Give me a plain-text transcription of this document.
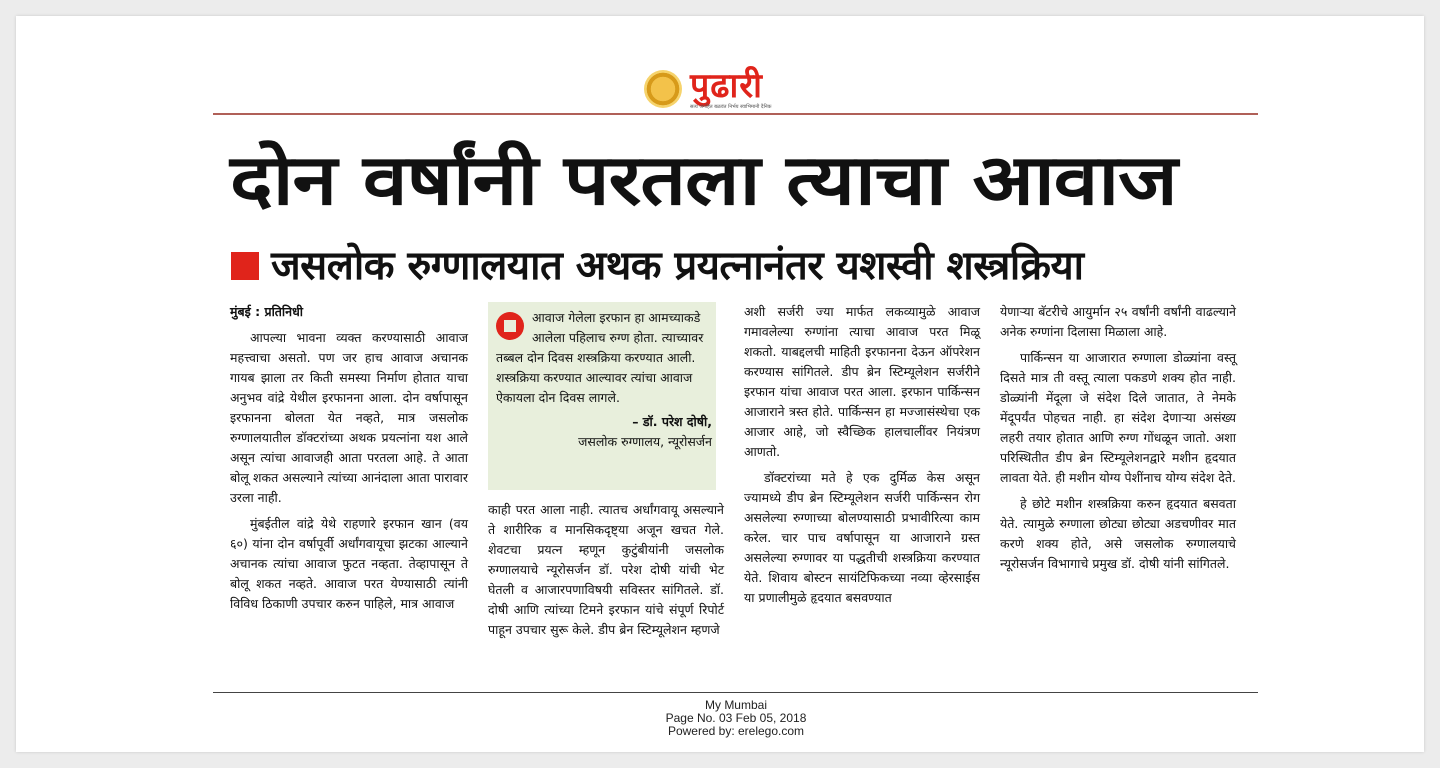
पुढारी
सत्य जनहित बळवंत निर्भय स्वाभिमानी दैनिक
दोन वर्षांनी परतला त्याचा आवाज
जसलोक रुग्णालयात अथक प्रयत्नानंतर यशस्वी शस्त्रक्रिया

मुंबई : प्रतिनिधी

आपल्या भावना व्यक्त करण्यासाठी आवाज महत्त्वाचा असतो. पण जर हाच आवाज अचानक गायब झाला तर किती समस्या निर्माण होतात याचा अनुभव वांद्रे येथील इरफानना आला. दोन वर्षापासून इरफानना बोलता येत नव्हते, मात्र जसलोक रुग्णालयातील डॉक्टरांच्या अथक प्रयत्नांना यश आले असून त्यांचा आवाजही आता परतला आहे. ते आता बोलू शकत असल्याने त्यांच्या आनंदाला आता पारावार उरला नाही.

मुंबईतील वांद्रे येथे राहणारे इरफान खान (वय ६०) यांना दोन वर्षापूर्वी अर्धांगवायूचा झटका आल्याने अचानक त्यांचा आवाज फुटत नव्हता. तेव्हापासून ते बोलू शकत नव्हते. आवाज परत येण्यासाठी त्यांनी विविध ठिकाणी उपचार करुन पाहिले, मात्र आवाज

आवाज गेलेला इरफान हा आमच्याकडे आलेला पहिलाच रुग्ण होता. त्याच्यावर तब्बल दोन दिवस शस्त्रक्रिया करण्यात आली. शस्त्रक्रिया करण्यात आल्यावर त्यांचा आवाज ऐकायला दोन दिवस लागले.
– डॉ. परेश दोषी,
जसलोक रुग्णालय, न्यूरोसर्जन

काही परत आला नाही. त्यातच अर्धांगवायू असल्याने ते शारीरिक व मानसिकदृष्ट्या अजून खचत गेले. शेवटचा प्रयत्न म्हणून कुटुंबीयांनी जसलोक रुग्णालयाचे न्यूरोसर्जन डॉ. परेश दोषी यांची भेट घेतली व आजारपणाविषयी सविस्तर सांगितले. डॉ. दोषी आणि त्यांच्या टिमने इरफान यांचे संपूर्ण रिपोर्ट पाहून उपचार सुरू केले. डीप ब्रेन स्टिम्यूलेशन म्हणजे

अशी सर्जरी ज्या मार्फत लकव्यामुळे आवाज गमावलेल्या रुग्णांना त्याचा आवाज परत मिळू शकतो. याबद्दलची माहिती इरफानना देऊन ऑपरेशन करण्यास सांगितले. डीप ब्रेन स्टिम्यूलेशन सर्जरीने इरफान यांचा आवाज परत आला. इरफान पार्किन्सन आजाराने त्रस्त होते. पार्किन्सन हा मज्जासंस्थेचा एक आजार आहे, जो स्वैच्छिक हालचालींवर नियंत्रण आणतो.

डॉक्टरांच्या मते हे एक दुर्मिळ केस असून ज्यामध्ये डीप ब्रेन स्टिम्यूलेशन सर्जरी पार्किन्सन रोग असलेल्या रुग्णाच्या बोलण्यासाठी प्रभावीरित्या काम करेल. चार पाच वर्षापासून या आजाराने ग्रस्त असलेल्या रुग्णावर या पद्धतीची शस्त्रक्रिया करण्यात येते. शिवाय बोस्टन सायंटिफिकच्या नव्या व्हेरसाईस या प्रणालीमुळे हृदयात बसवण्यात

येणार्‍या बॅटरीचे आयुर्मान २५ वर्षांनी वर्षांनी वाढल्याने अनेक रुग्णांना दिलासा मिळाला आहे.

पार्किन्सन या आजारात रुग्णाला डोळ्यांना वस्तू दिसते मात्र ती वस्तू त्याला पकडणे शक्य होत नाही. डोळ्यांनी मेंदूला जे संदेश दिले जातात, ते नेमके मेंदूपर्यंत पोहचत नाही. हा संदेश देणाऱ्या असंख्य लहरी तयार होतात आणि रुग्ण गोंधळून जातो. अशा परिस्थितीत डीप ब्रेन स्टिम्यूलेशनद्वारे मशीन हृदयात लावता येते. ही मशीन योग्य पेशींनाच योग्य संदेश देते.

हे छोटे मशीन शस्त्रक्रिया करुन हृदयात बसवता येते. त्यामुळे रुग्णाला छोट्या छोट्या अडचणीवर मात करणे शक्य होते, असे जसलोक रुग्णालयाचे न्यूरोसर्जन विभागाचे प्रमुख डॉ. दोषी यांनी सांगितले.

My Mumbai
Page No. 03 Feb 05, 2018
Powered by: erelego.com
